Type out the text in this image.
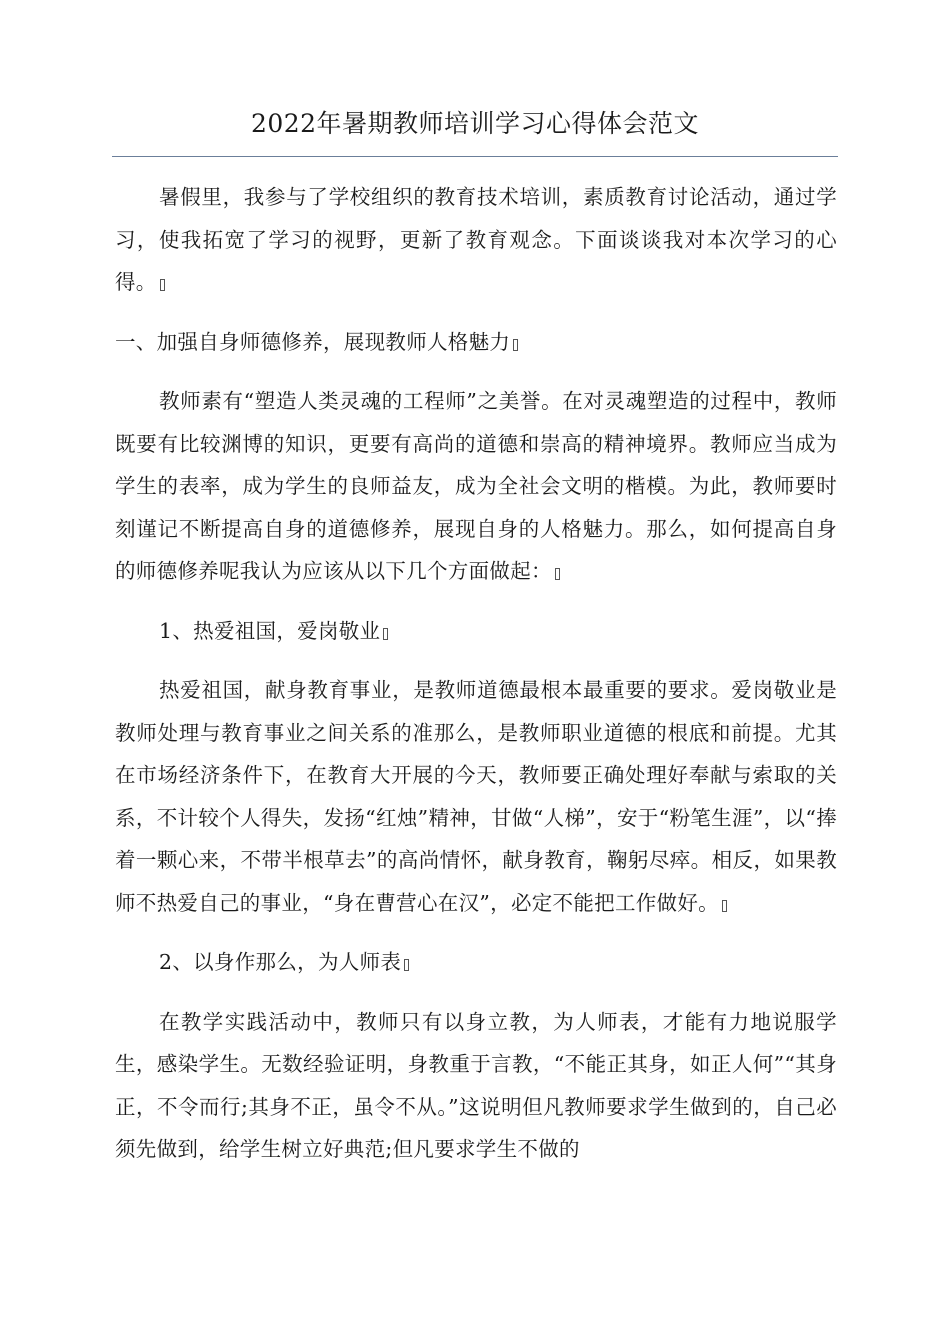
2022年暑期教师培训学习心得体会范文

暑假里，我参与了学校组织的教育技术培训，素质教育讨论活动，通过学习，使我拓宽了学习的视野，更新了教育观念。下面谈谈我对本次学习的心得。

一、加强自身师德修养，展现教师人格魅力

教师素有“塑造人类灵魂的工程师”之美誉。在对灵魂塑造的过程中，教师既要有比较渊博的知识，更要有高尚的道德和崇高的精神境界。教师应当成为学生的表率，成为学生的良师益友，成为全社会文明的楷模。为此，教师要时刻谨记不断提高自身的道德修养，展现自身的人格魅力。那么，如何提高自身的师德修养呢我认为应该从以下几个方面做起：

1、热爱祖国，爱岗敬业

热爱祖国，献身教育事业，是教师道德最根本最重要的要求。爱岗敬业是教师处理与教育事业之间关系的准那么，是教师职业道德的根底和前提。尤其在市场经济条件下，在教育大开展的今天，教师要正确处理好奉献与索取的关系，不计较个人得失，发扬“红烛”精神，甘做“人梯”，安于“粉笔生涯”，以“捧着一颗心来，不带半根草去”的高尚情怀，献身教育，鞠躬尽瘁。相反，如果教师不热爱自己的事业，“身在曹营心在汉”，必定不能把工作做好。

2、以身作那么，为人师表

在教学实践活动中，教师只有以身立教，为人师表，才能有力地说服学生，感染学生。无数经验证明，身教重于言教，“不能正其身，如正人何”“其身正，不令而行;其身不正，虽令不从。”这说明但凡教师要求学生做到的，自己必须先做到，给学生树立好典范;但凡要求学生不做的
